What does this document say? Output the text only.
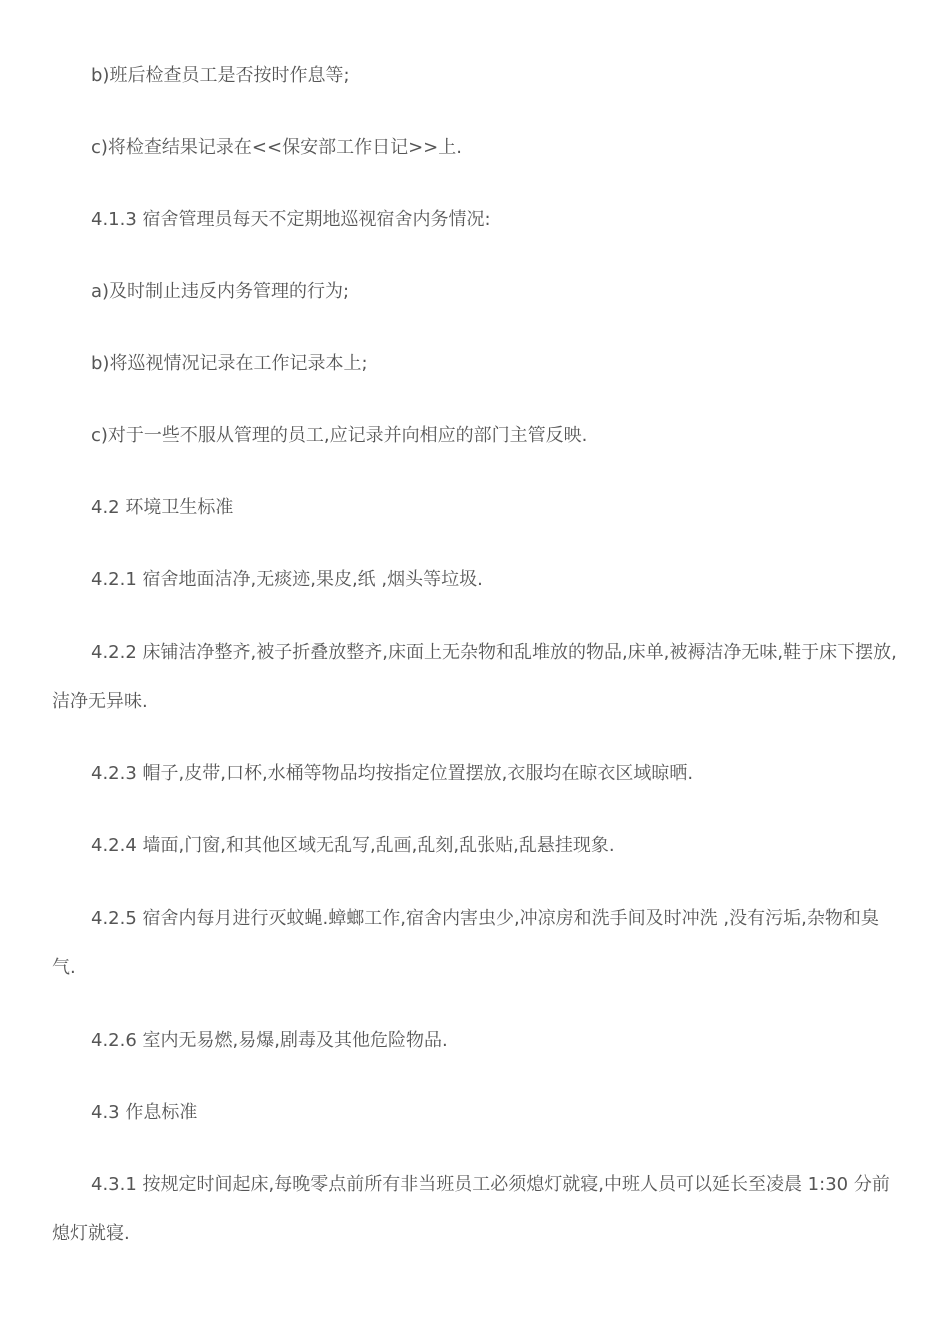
b)班后检查员工是否按时作息等;

c)将检查结果记录在<<保安部工作日记>>上.

4.1.3 宿舍管理员每天不定期地巡视宿舍内务情况:

a)及时制止违反内务管理的行为;

b)将巡视情况记录在工作记录本上;

c)对于一些不服从管理的员工,应记录并向相应的部门主管反映.

4.2 环境卫生标准

4.2.1 宿舍地面洁净,无痰迹,果皮,纸 ,烟头等垃圾.

4.2.2 床铺洁净整齐,被子折叠放整齐,床面上无杂物和乱堆放的物品,床单,被褥洁净无味,鞋于床下摆放,洁净无异味.

4.2.3 帽子,皮带,口杯,水桶等物品均按指定位置摆放,衣服均在晾衣区域晾晒.

4.2.4 墙面,门窗,和其他区域无乱写,乱画,乱刻,乱张贴,乱悬挂现象.

4.2.5 宿舍内每月进行灭蚊蝇.蟑螂工作,宿舍内害虫少,冲凉房和洗手间及时冲洗 ,没有污垢,杂物和臭气.

4.2.6 室内无易燃,易爆,剧毒及其他危险物品.

4.3 作息标准

4.3.1 按规定时间起床,每晚零点前所有非当班员工必须熄灯就寝,中班人员可以延长至凌晨 1:30 分前熄灯就寝.
